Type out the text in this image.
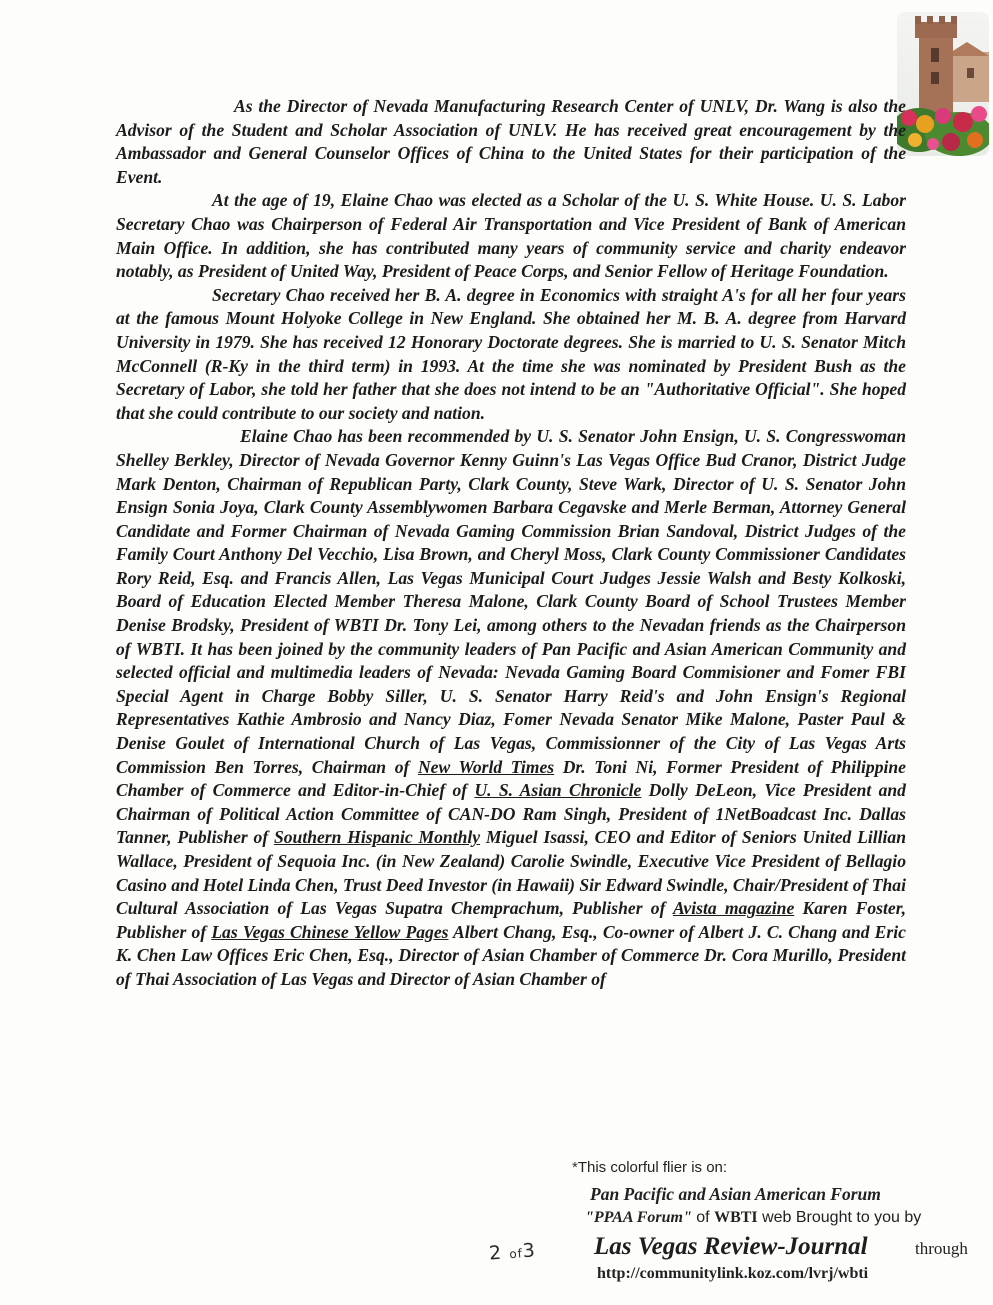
As the Director of Nevada Manufacturing Research Center of UNLV, Dr. Wang is also the Advisor of the Student and Scholar Association of UNLV. He has received great encouragement by the Ambassador and General Counselor Offices of China to the United States for their participation of the Event.

At the age of 19, Elaine Chao was elected as a Scholar of the U. S. White House. U. S. Labor Secretary Chao was Chairperson of Federal Air Transportation and Vice President of Bank of American Main Office. In addition, she has contributed many years of community service and charity endeavor notably, as President of United Way, President of Peace Corps, and Senior Fellow of Heritage Foundation.

Secretary Chao received her B. A. degree in Economics with straight A's for all her four years at the famous Mount Holyoke College in New England. She obtained her M. B. A. degree from Harvard University in 1979. She has received 12 Honorary Doctorate degrees. She is married to U. S. Senator Mitch McConnell (R-Ky in the third term) in 1993. At the time she was nominated by President Bush as the Secretary of Labor, she told her father that she does not intend to be an "Authoritative Official". She hoped that she could contribute to our society and nation.

Elaine Chao has been recommended by U. S. Senator John Ensign, U. S. Congresswoman Shelley Berkley, Director of Nevada Governor Kenny Guinn's Las Vegas Office Bud Cranor, District Judge Mark Denton, Chairman of Republican Party, Clark County, Steve Wark, Director of U. S. Senator John Ensign Sonia Joya, Clark County Assemblywomen Barbara Cegavske and Merle Berman, Attorney General Candidate and Former Chairman of Nevada Gaming Commission Brian Sandoval, District Judges of the Family Court Anthony Del Vecchio, Lisa Brown, and Cheryl Moss, Clark County Commissioner Candidates Rory Reid, Esq. and Francis Allen, Las Vegas Municipal Court Judges Jessie Walsh and Besty Kolkoski, Board of Education Elected Member Theresa Malone, Clark County Board of School Trustees Member Denise Brodsky, President of WBTI Dr. Tony Lei, among others to the Nevadan friends as the Chairperson of WBTI. It has been joined by the community leaders of Pan Pacific and Asian American Community and selected official and multimedia leaders of Nevada: Nevada Gaming Board Commisioner and Fomer FBI Special Agent in Charge Bobby Siller, U. S. Senator Harry Reid's and John Ensign's Regional Representatives Kathie Ambrosio and Nancy Diaz, Fomer Nevada Senator Mike Malone, Paster Paul & Denise Goulet of International Church of Las Vegas, Commissionner of the City of Las Vegas Arts Commission Ben Torres, Chairman of New World Times Dr. Toni Ni, Former President of Philippine Chamber of Commerce and Editor-in-Chief of U. S. Asian Chronicle Dolly DeLeon, Vice President and Chairman of Political Action Committee of CAN-DO Ram Singh, President of 1NetBoadcast Inc. Dallas Tanner, Publisher of Southern Hispanic Monthly Miguel Isassi, CEO and Editor of Seniors United Lillian Wallace, President of Sequoia Inc. (in New Zealand) Carolie Swindle, Executive Vice President of Bellagio Casino and Hotel Linda Chen, Trust Deed Investor (in Hawaii) Sir Edward Swindle, Chair/President of Thai Cultural Association of Las Vegas Supatra Chemprachum, Publisher of Avista magazine Karen Foster, Publisher of Las Vegas Chinese Yellow Pages Albert Chang, Esq., Co-owner of Albert J. C. Chang and Eric K. Chen Law Offices Eric Chen, Esq., Director of Asian Chamber of Commerce Dr. Cora Murillo, President of Thai Association of Las Vegas and Director of Asian Chamber of

*This colorful flier is on:
Pan Pacific and Asian American Forum
"PPAA Forum" of WBTI web Brought to you by
2 of3 Las Vegas Review-Journal	through
http://communitylink.koz.com/lvrj/wbti
